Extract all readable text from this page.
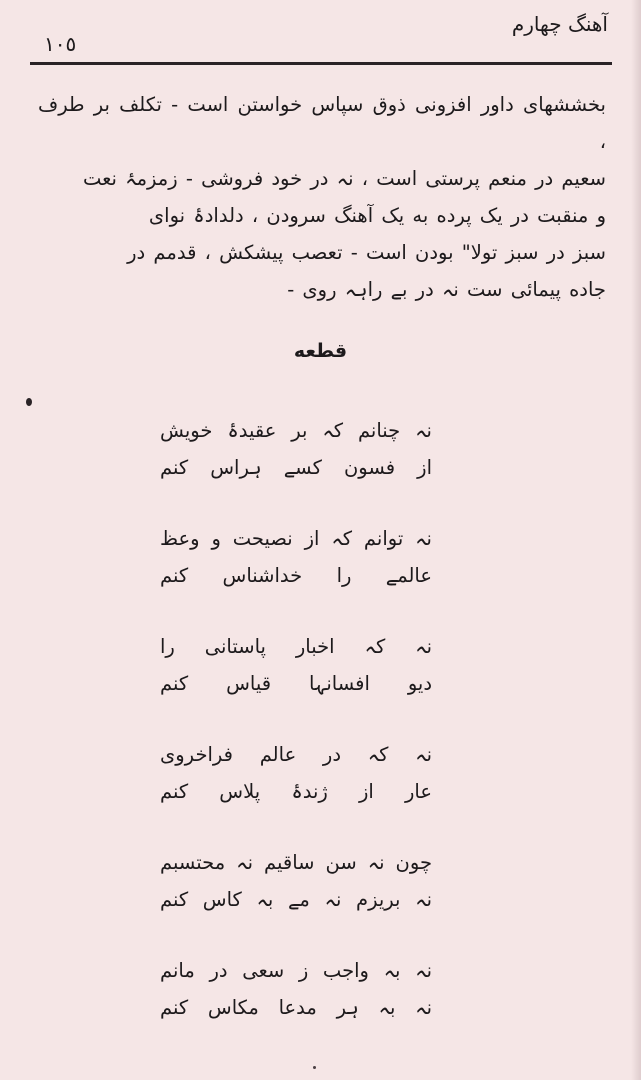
آهنگ چهارم
١٠٥

بخششهای داور افزونی ذوق سپاس خواستن است - تکلف بر طرف ،

سعیم در منعم پرستی است ، نہ در خود فروشی - زمزمۂ نعت

و منقبت در یک پرده به یک آهنگ سرودن ، دلدادۂ نوای

سبز در سبز تولا" بودن است - تعصب پیشکش ، قدمم در

جاده پیمائی ست نہ در بے راہہ روی -

قطعه
نہ چنانم کہ بر عقیدۂ خویش
از فسون کسے ہراس کنم
نہ توانم کہ از نصیحت و وعظ
عالمے را خداشناس کنم
نہ کہ اخبار پاستانی را
دیو افسانہا قیاس کنم
نہ کہ در عالم فراخروی
عار از ژندۂ پلاس کنم
چون نہ سن ساقیم نہ محتسبم
نہ بریزم نہ مے بہ کاس کنم
نہ بہ واجب ز سعی در مانم
نہ بہ ہر مدعا مکاس کنم
